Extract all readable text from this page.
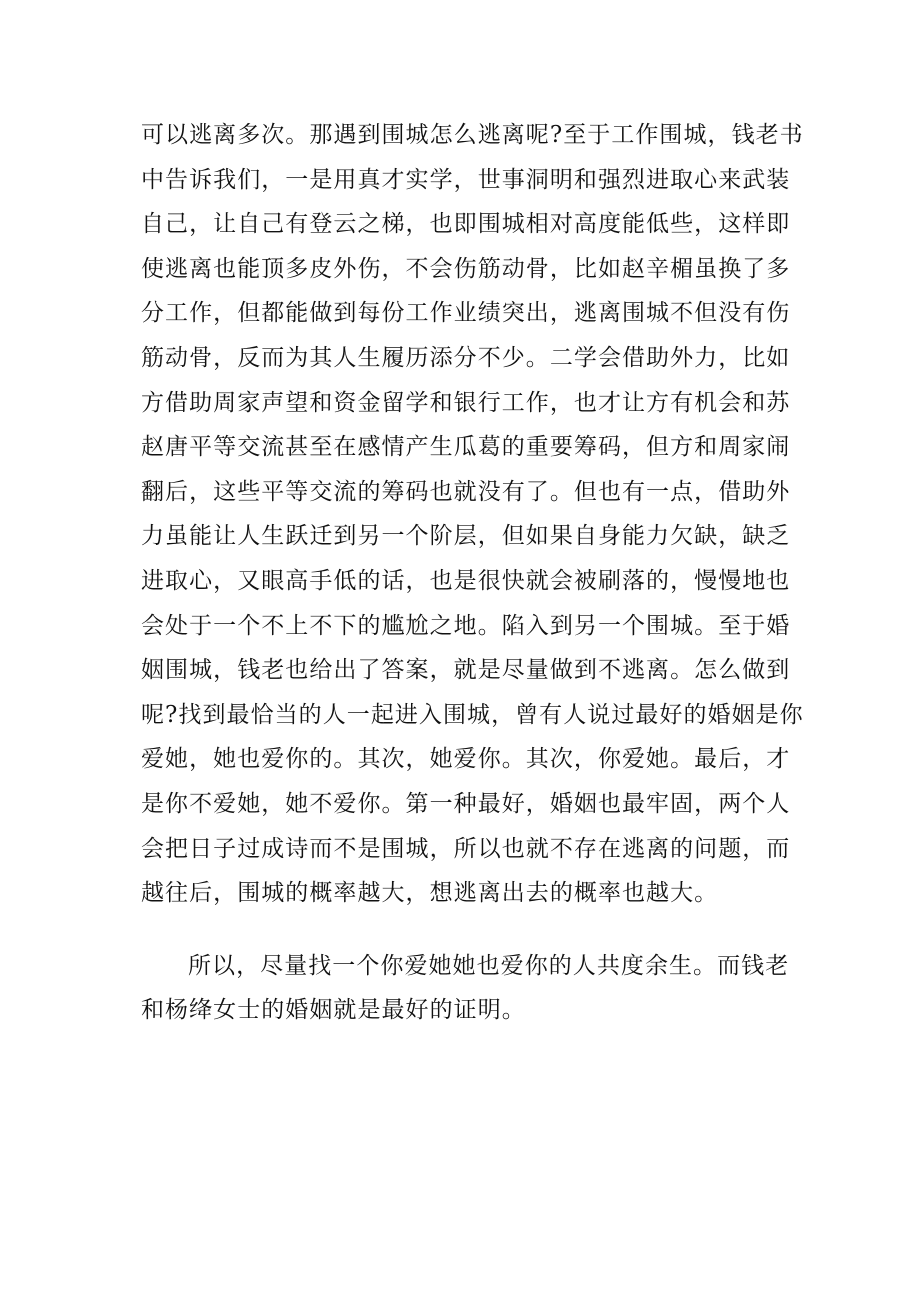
可以逃离多次。那遇到围城怎么逃离呢?至于工作围城，钱老书
中告诉我们，一是用真才实学，世事洞明和强烈进取心来武装
自己，让自己有登云之梯，也即围城相对高度能低些，这样即
使逃离也能顶多皮外伤，不会伤筋动骨，比如赵辛楣虽换了多
分工作，但都能做到每份工作业绩突出，逃离围城不但没有伤
筋动骨，反而为其人生履历添分不少。二学会借助外力，比如
方借助周家声望和资金留学和银行工作，也才让方有机会和苏
赵唐平等交流甚至在感情产生瓜葛的重要筹码，但方和周家闹
翻后，这些平等交流的筹码也就没有了。但也有一点，借助外
力虽能让人生跃迁到另一个阶层，但如果自身能力欠缺，缺乏
进取心，又眼高手低的话，也是很快就会被刷落的，慢慢地也
会处于一个不上不下的尴尬之地。陷入到另一个围城。至于婚
姻围城，钱老也给出了答案，就是尽量做到不逃离。怎么做到
呢?找到最恰当的人一起进入围城，曾有人说过最好的婚姻是你
爱她，她也爱你的。其次，她爱你。其次，你爱她。最后，才
是你不爱她，她不爱你。第一种最好，婚姻也最牢固，两个人
会把日子过成诗而不是围城，所以也就不存在逃离的问题，而
越往后，围城的概率越大，想逃离出去的概率也越大。
所以，尽量找一个你爱她她也爱你的人共度余生。而钱老
和杨绛女士的婚姻就是最好的证明。
